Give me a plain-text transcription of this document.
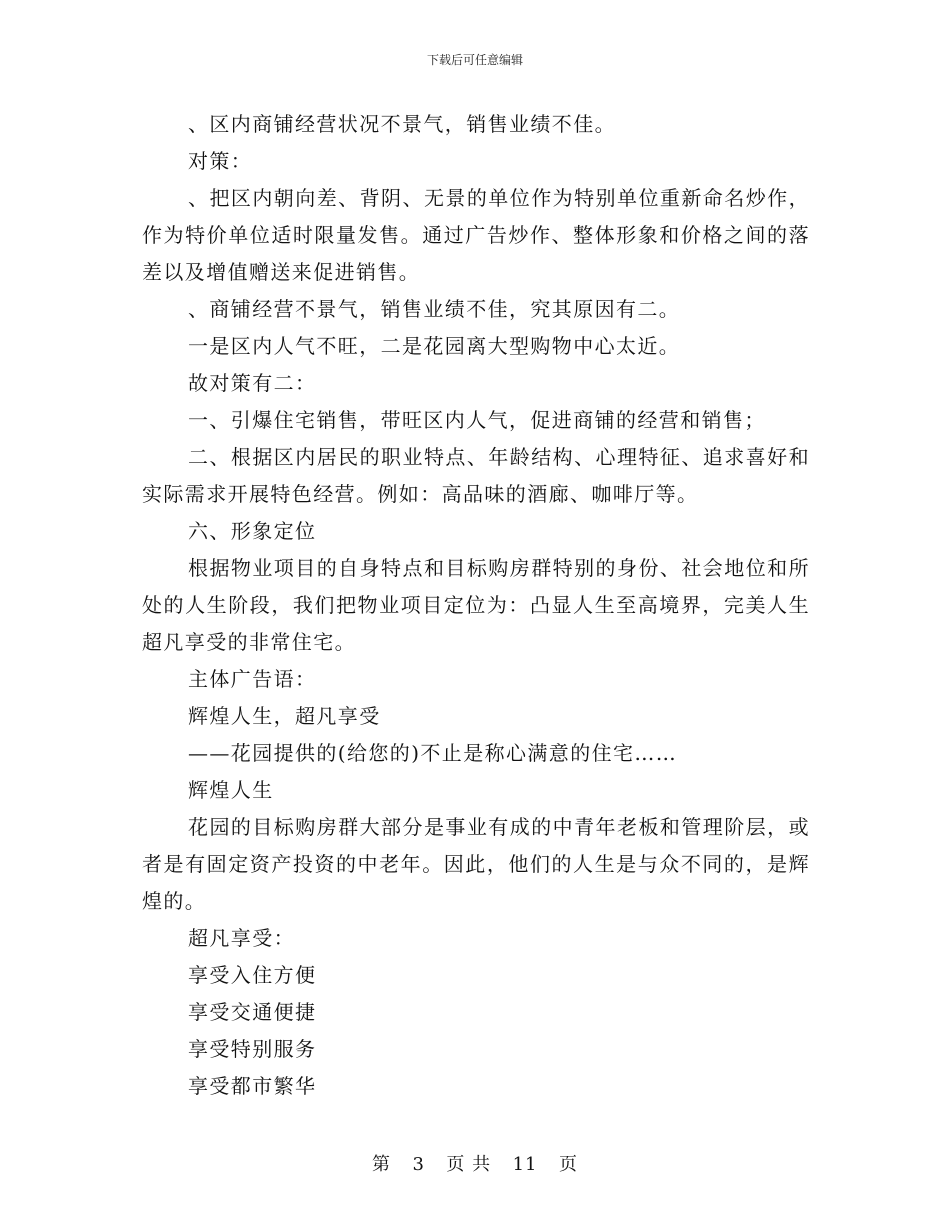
下载后可任意编辑

、区内商铺经营状况不景气，销售业绩不佳。

对策：

、把区内朝向差、背阴、无景的单位作为特别单位重新命名炒作，作为特价单位适时限量发售。通过广告炒作、整体形象和价格之间的落差以及增值赠送来促进销售。

、商铺经营不景气，销售业绩不佳，究其原因有二。

一是区内人气不旺，二是花园离大型购物中心太近。

故对策有二：

一、引爆住宅销售，带旺区内人气，促进商铺的经营和销售；

二、根据区内居民的职业特点、年龄结构、心理特征、追求喜好和实际需求开展特色经营。例如：高品味的酒廊、咖啡厅等。

六、形象定位

根据物业项目的自身特点和目标购房群特别的身份、社会地位和所处的人生阶段，我们把物业项目定位为：凸显人生至高境界，完美人生超凡享受的非常住宅。

主体广告语：

辉煌人生，超凡享受

——花园提供的(给您的)不止是称心满意的住宅……

辉煌人生

花园的目标购房群大部分是事业有成的中青年老板和管理阶层，或者是有固定资产投资的中老年。因此，他们的人生是与众不同的，是辉煌的。

超凡享受：

享受入住方便

享受交通便捷

享受特别服务

享受都市繁华

第 3 页 共 11 页
